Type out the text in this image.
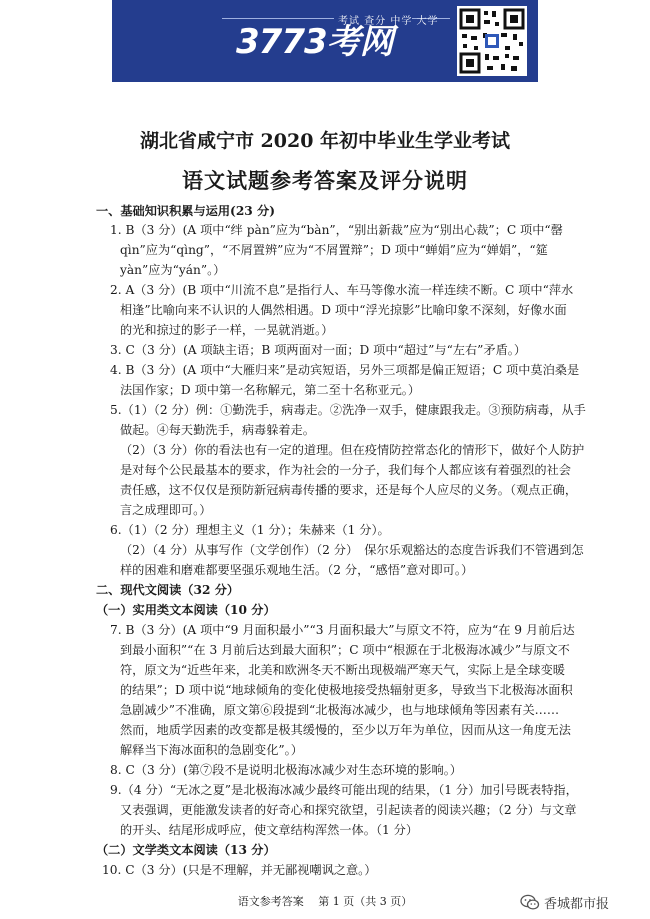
考试 查分 中学 大学
3773考网
湖北省咸宁市 2020 年初中毕业生学业考试
语文试题参考答案及评分说明
一、基础知识积累与运用(23 分)
1. B（3 分）(A 项中“绊 pàn”应为“bàn”，“别出新裁”应为“别出心裁”；C 项中“罄
qìn”应为“qìng”，“不屑置辨”应为“不屑置辩”；D 项中“蝉娟”应为“婵娟”，“筵
yàn”应为“yán”。）
2. A（3 分）(B 项中“川流不息”是指行人、车马等像水流一样连续不断。C 项中“萍水
相逢”比喻向来不认识的人偶然相遇。D 项中“浮光掠影”比喻印象不深刻，好像水面
的光和掠过的影子一样，一晃就消逝。）
3. C（3 分）(A 项缺主语；B 项两面对一面；D 项中“超过”与“左右”矛盾。）
4. B（3 分）(A 项中“大雁归来”是动宾短语，另外三项都是偏正短语；C 项中莫泊桑是
法国作家；D 项中第一名称解元，第二至十名称亚元。）
5.（1）（2 分）例：①勤洗手，病毒走。②洗净一双手，健康跟我走。③预防病毒，从手
做起。④每天勤洗手，病毒躲着走。
（2）（3 分）你的看法也有一定的道理。但在疫情防控常态化的情形下，做好个人防护
是对每个公民最基本的要求，作为社会的一分子，我们每个人都应该有着强烈的社会
责任感，这不仅仅是预防新冠病毒传播的要求，还是每个人应尽的义务。（观点正确，
言之成理即可。）
6.（1）（2 分）理想主义（1 分）；朱赫来（1 分）。
（2）（4 分）从事写作（文学创作）（2 分）　保尔乐观豁达的态度告诉我们不管遇到怎
样的困难和磨难都要坚强乐观地生活。（2 分，“感悟”意对即可。）
二、现代文阅读（32 分）
（一）实用类文本阅读（10 分）
7. B（3 分）(A 项中“9 月面积最小”“3 月面积最大”与原文不符，应为“在 9 月前后达
到最小面积”“在 3 月前后达到最大面积”；C 项中“根源在于北极海冰减少”与原文不
符，原文为“近些年来，北美和欧洲冬天不断出现极端严寒天气，实际上是全球变暖
的结果”；D 项中说“地球倾角的变化使极地接受热辐射更多，导致当下北极海冰面积
急剧减少”不准确，原文第⑥段提到“北极海冰减少，也与地球倾角等因素有关……
然而，地质学因素的改变都是极其缓慢的，至少以万年为单位，因而从这一角度无法
解释当下海冰面积的急剧变化”。）
8. C（3 分）(第⑦段不是说明北极海冰减少对生态环境的影响。）
9.（4 分）“无冰之夏”是北极海冰减少最终可能出现的结果，（1 分）加引号既表特指，
又表强调，更能激发读者的好奇心和探究欲望，引起读者的阅读兴趣；（2 分）与文章
的开头、结尾形成呼应，使文章结构浑然一体。（1 分）
（二）文学类文本阅读（13 分）
10. C（3 分）(只是不理解，并无鄙视嘲讽之意。）
语文参考答案　 第 1 页（共 3 页）	香城都市报
